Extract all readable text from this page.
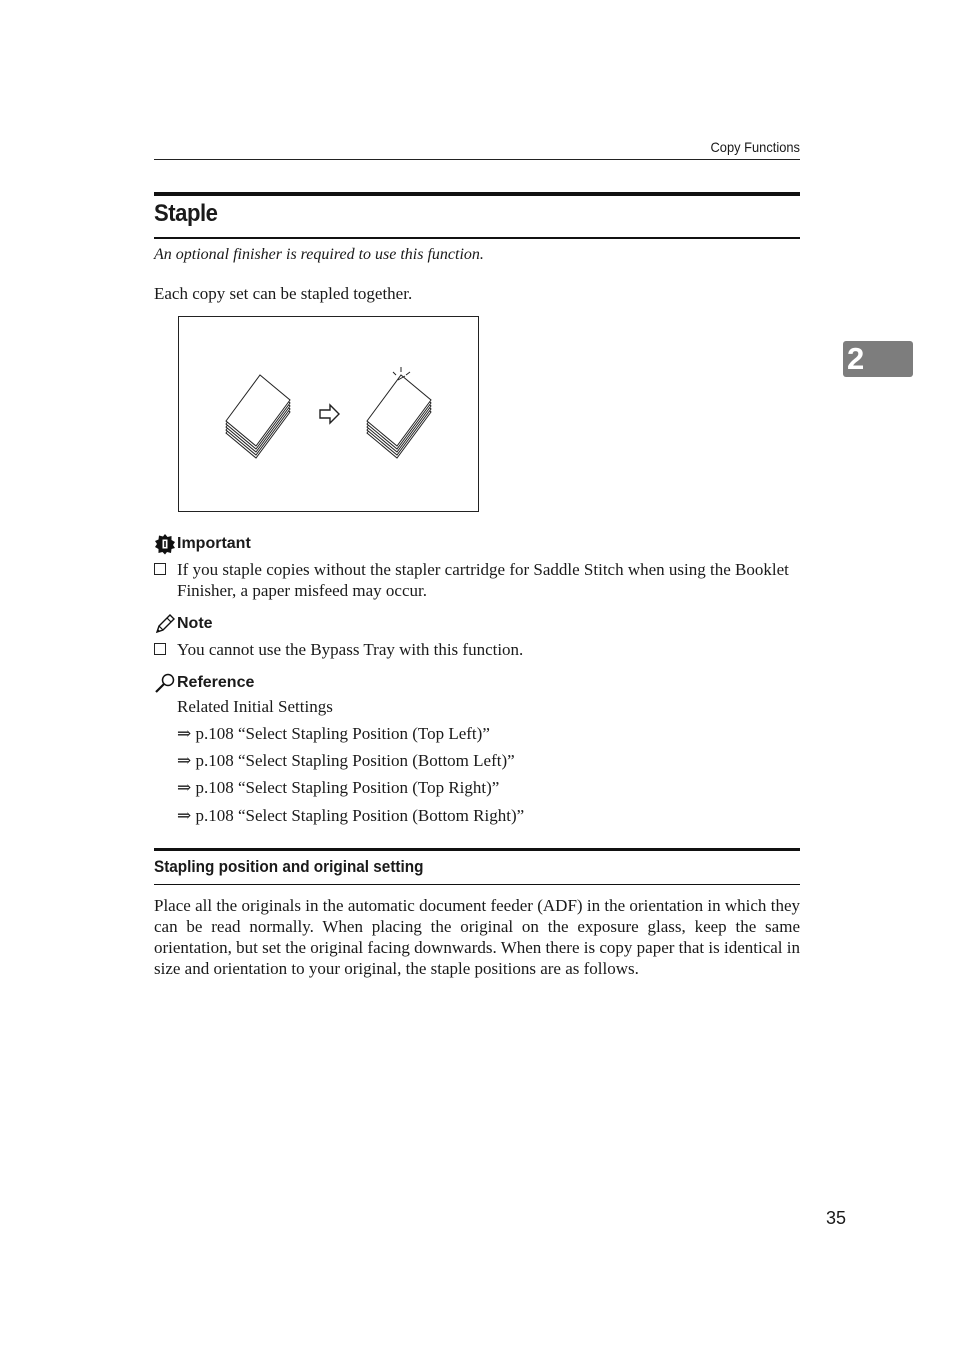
Copy Functions
Staple
An optional finisher is required to use this function.
Each copy set can be stapled together.
2
Important
If you staple copies without the stapler cartridge for Saddle Stitch when using the Booklet Finisher, a paper misfeed may occur.
Note
You cannot use the Bypass Tray with this function.
Reference
Related Initial Settings
⇒ p.108 “Select Stapling Position (Top Left)”
⇒ p.108 “Select Stapling Position (Bottom Left)”
⇒ p.108 “Select Stapling Position (Top Right)”
⇒ p.108 “Select Stapling Position (Bottom Right)”
Stapling position and original setting
Place all the originals in the automatic document feeder (ADF) in the orientation in which they can be read normally. When placing the original on the exposure glass, keep the same orientation, but set the original facing downwards. When there is copy paper that is identical in size and orientation to your original, the staple positions are as follows.
35
